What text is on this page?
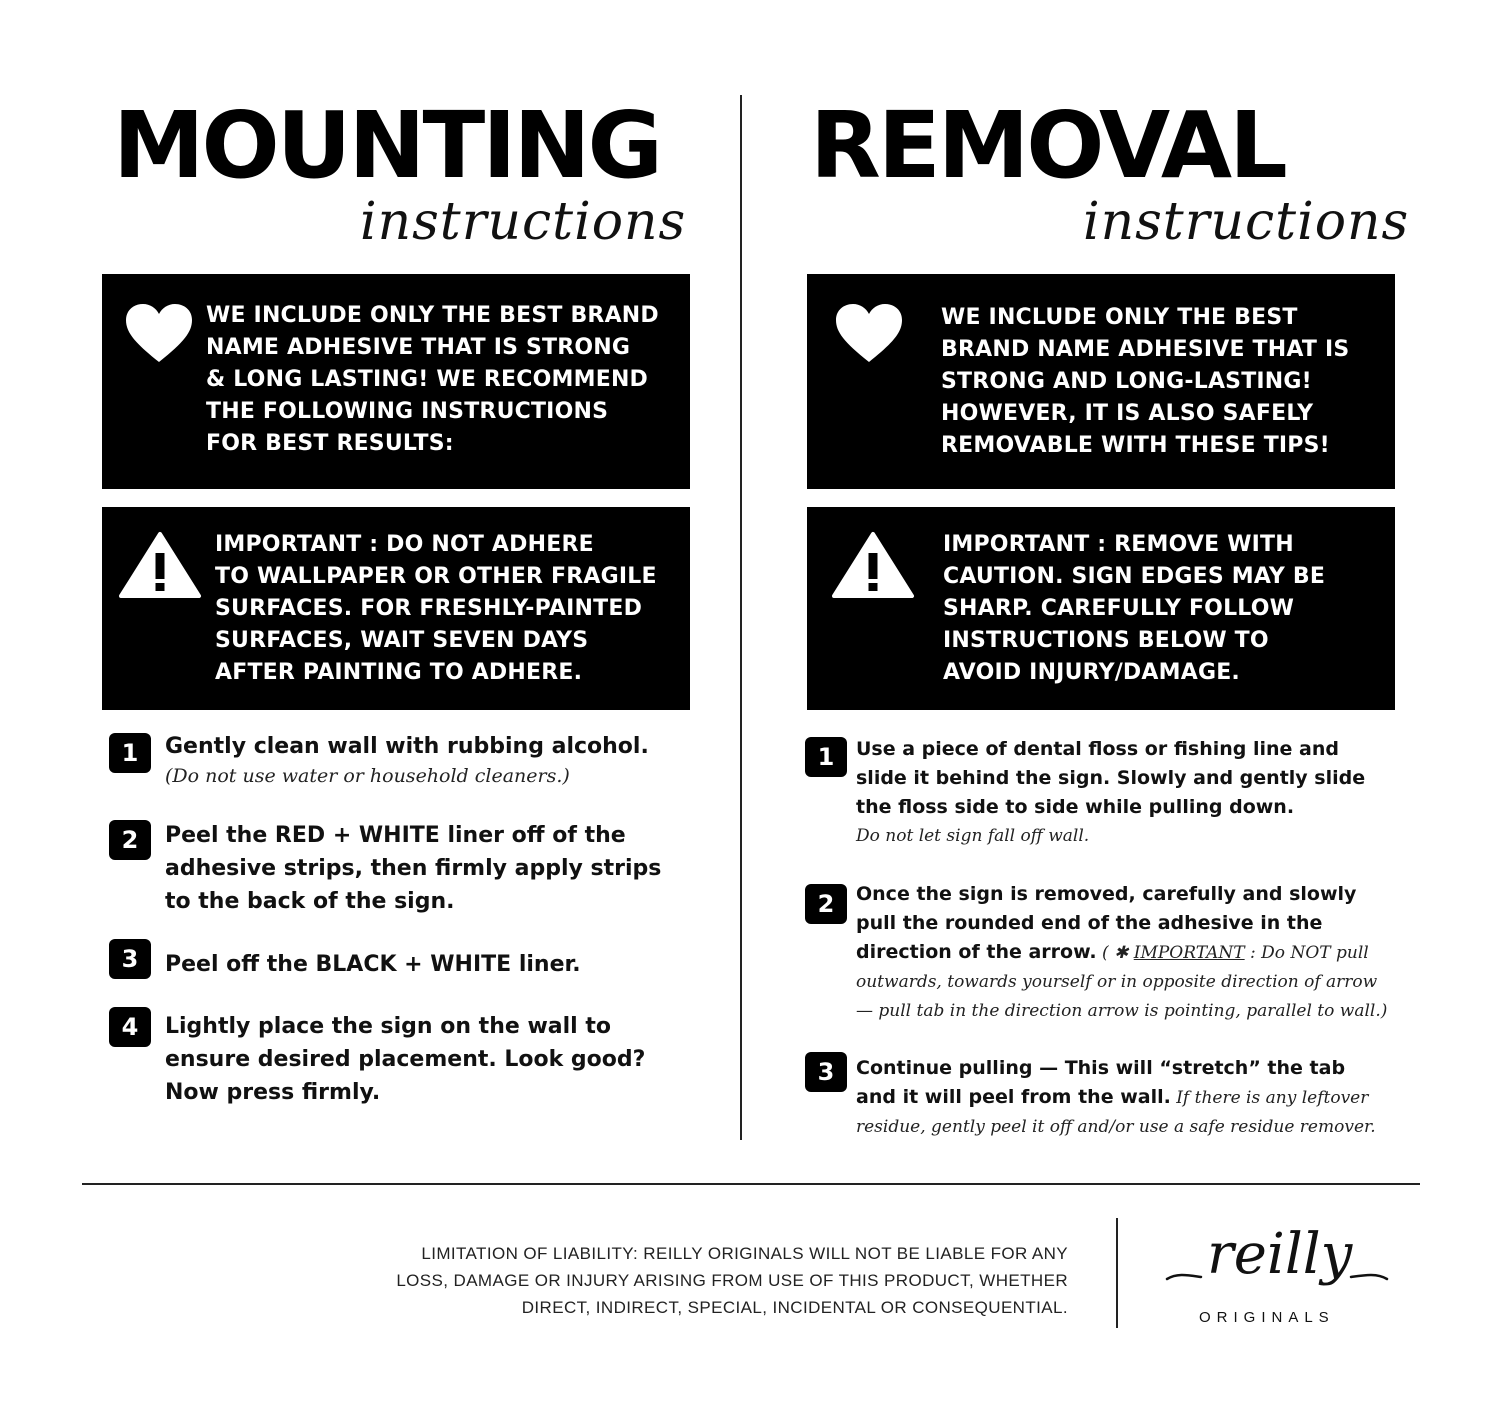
MOUNTING
instructions
WE INCLUDE ONLY THE BEST BRAND
NAME ADHESIVE THAT IS STRONG
& LONG LASTING! WE RECOMMEND
THE FOLLOWING INSTRUCTIONS
FOR BEST RESULTS:
IMPORTANT : DO NOT ADHERE
TO WALLPAPER OR OTHER FRAGILE
SURFACES. FOR FRESHLY-PAINTED
SURFACES, WAIT SEVEN DAYS
AFTER PAINTING TO ADHERE.
1	Gently clean wall with rubbing alcohol.
(Do not use water or household cleaners.)
2	Peel the RED + WHITE liner off of the
adhesive strips, then firmly apply strips
to the back of the sign.
3	Peel off the BLACK + WHITE liner.
4	Lightly place the sign on the wall to
ensure desired placement. Look good?
Now press firmly.
REMOVAL
instructions
WE INCLUDE ONLY THE BEST
BRAND NAME ADHESIVE THAT IS
STRONG AND LONG-LASTING!
HOWEVER, IT IS ALSO SAFELY
REMOVABLE WITH THESE TIPS!
IMPORTANT : REMOVE WITH
CAUTION. SIGN EDGES MAY BE
SHARP. CAREFULLY FOLLOW
INSTRUCTIONS BELOW TO
AVOID INJURY/DAMAGE.
1	Use a piece of dental floss or fishing line and
slide it behind the sign. Slowly and gently slide
the floss side to side while pulling down.
Do not let sign fall off wall.
2	Once the sign is removed, carefully and slowly
pull the rounded end of the adhesive in the
direction of the arrow. ( ✱ IMPORTANT : Do NOT pull
outwards, towards yourself or in opposite direction of arrow
— pull tab in the direction arrow is pointing, parallel to wall.)
3	Continue pulling — This will “stretch” the tab
and it will peel from the wall. If there is any leftover
residue, gently peel it off and/or use a safe residue remover.
LIMITATION OF LIABILITY: REILLY ORIGINALS WILL NOT BE LIABLE FOR ANY
LOSS, DAMAGE OR INJURY ARISING FROM USE OF THIS PRODUCT, WHETHER
DIRECT, INDIRECT, SPECIAL, INCIDENTAL OR CONSEQUENTIAL.
reilly
ORIGINALS
